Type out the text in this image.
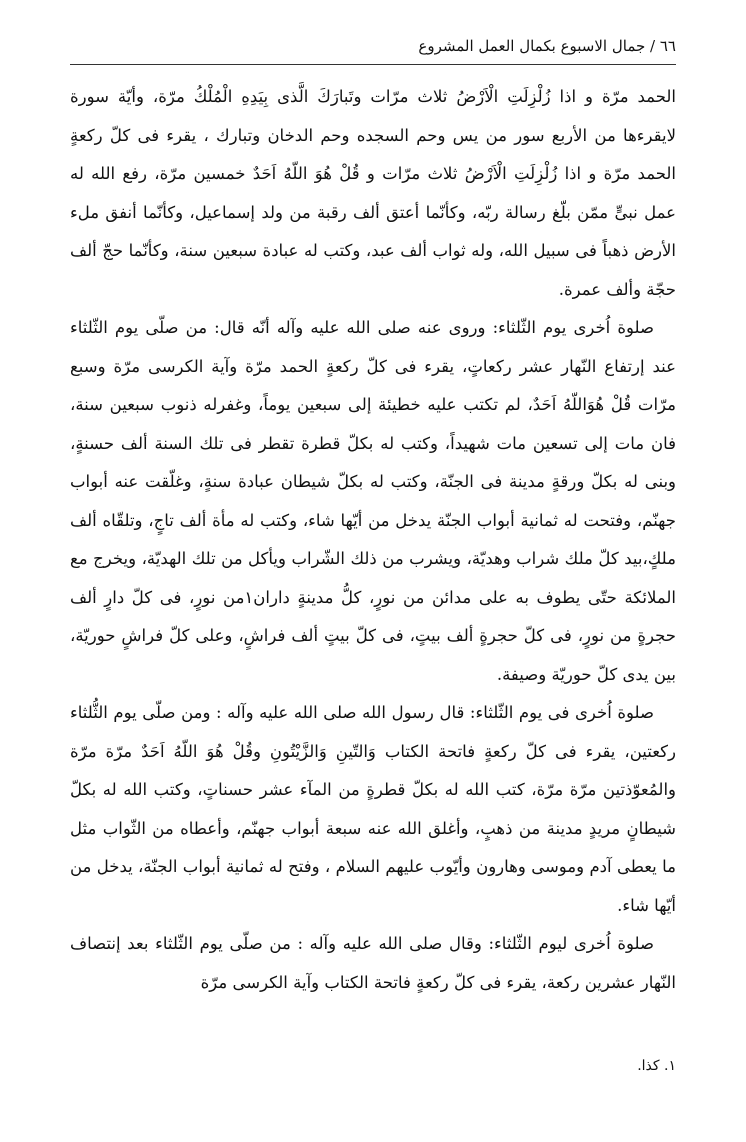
٦٦ / جمال الاسبوع بكمال العمل المشروع

الحمد مرّة و اذا زُلْزِلَتِ الْاَرْضُ ثلاث مرّات وتَبارَكَ الَّذی بِيَدِهِ الْمُلْكُ مرّة، وأيّة سورة لايقرءها من الأربع سور من يس وحم السجده وحم الدخان وتبارك ، يقرء فی كلّ ركعةٍ الحمد مرّة و اذا زُلْزِلَتِ الْاَرْضُ ثلاث مرّات و قُلْ هُوَ اللّهُ اَحَدٌ خمسين مرّة، رفع الله له عمل نبیٍّ ممّن بلّغ رسالة ربّه، وكأنّما أعتق ألف رقبة من ولد إسماعيل، وكأنّما أنفق ملء الأرض ذهباً فی سبيل الله، وله ثواب ألف عبد، وكتب له عبادة سبعين سنة، وكأنّما حجّ ألف حجّة وألف عمرة.

صلوة اُخری يوم الثّلثاء: وروی عنه صلی الله عليه وآله أنّه قال: من صلّی يوم الثّلثاء عند إرتفاع النّهار عشر ركعاتٍ، يقرء فی كلّ ركعةٍ الحمد مرّة وآية الكرسی مرّة وسبع مرّات قُلْ هُوَاللّهُ اَحَدٌ، لم تكتب عليه خطيئة إلی سبعين يوماً، وغفرله ذنوب سبعين سنة، فان مات إلی تسعين مات شهيداً، وكتب له بكلّ قطرة تقطر فی تلك السنة ألف حسنةٍ، وبنی له بكلّ ورقةٍ مدينة فی الجنّة، وكتب له بكلّ شيطان عبادة سنةٍ، وغلّقت عنه أبواب جهنّم، وفتحت له ثمانية أبواب الجنّة يدخل من أيّها شاء، وكتب له مأة ألف تاجٍ، وتلقّاه ألف ملكٍ،بيد كلّ ملك شراب وهديّة، ويشرب من ذلك الشّراب ويأكل من تلك الهديّة، ويخرج مع الملائكة حتّی يطوف به علی مدائن من نورٍ، كلُّ مدينةٍ داران١من نورٍ، فی كلّ دارٍ ألف حجرةٍ من نورٍ، فی كلّ حجرةٍ ألف بيتٍ، فی كلّ بيتٍ ألف فراشٍ، وعلی كلّ فراشٍ حوريّة، بين يدی كلّ حوريّة وصيفة.

صلوة اُخری فی يوم الثّلثاء: قال رسول الله صلی الله عليه وآله : ومن صلّی يوم الثُّلثاء ركعتين، يقرء فی كلّ ركعةٍ فاتحة الكتاب وَالتّينِ وَالزَّيْتُونِ وقُلْ هُوَ اللّهُ اَحَدٌ مرّة مرّة والمُعوّذتين مرّة مرّة، كتب الله له بكلّ قطرةٍ من المآء عشر حسناتٍ، وكتب الله له بكلّ شيطانٍ مريدٍ مدينة من ذهبٍ، وأغلق الله عنه سبعة أبواب جهنّم، وأعطاه من الثّواب مثل ما يعطی آدم وموسی وهارون وأيّوب عليهم السلام ، وفتح له ثمانية أبواب الجنّة، يدخل من أيّها شاء.

صلوة اُخری ليوم الثّلثاء: وقال صلی الله عليه وآله : من صلّی يوم الثّلثاء بعد إنتصاف النّهار عشرين ركعة، يقرء فی كلّ ركعةٍ فاتحة الكتاب وآية الكرسی مرّة

١. كذا.
